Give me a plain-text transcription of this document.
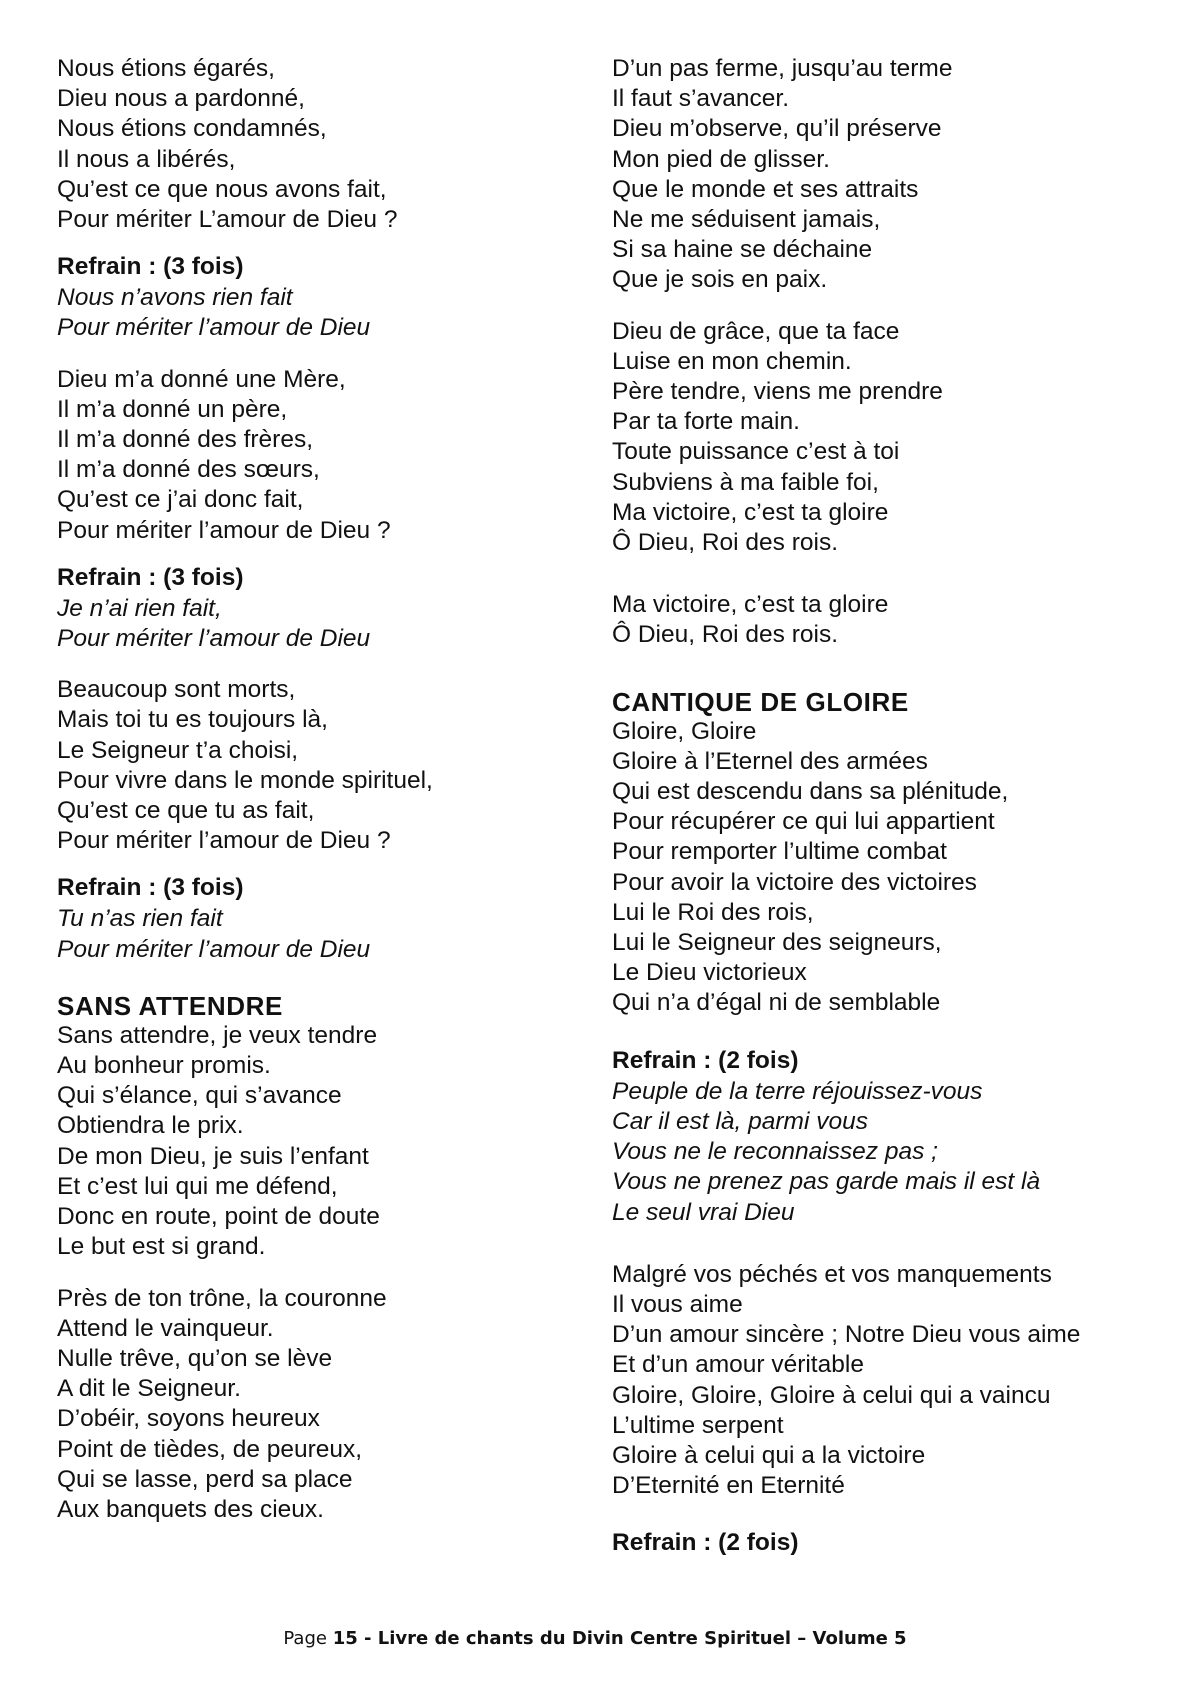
Nous étions égarés,
Dieu nous a pardonné,
Nous étions condamnés,
Il nous a libérés,
Qu’est ce que nous avons fait,
Pour mériter L’amour de Dieu ?
Refrain : (3 fois)
Nous n’avons rien fait
Pour mériter l’amour de Dieu
Dieu m’a donné une Mère,
Il m’a donné un père,
Il m’a donné des frères,
Il m’a donné des sœurs,
Qu’est ce j’ai donc fait,
Pour mériter l’amour de Dieu ?
Refrain : (3 fois)
Je n’ai rien fait,
Pour mériter l’amour de Dieu
Beaucoup sont morts,
Mais toi tu es toujours là,
Le Seigneur t’a choisi,
Pour vivre dans le monde spirituel,
Qu’est ce que tu as fait,
Pour mériter l’amour de Dieu ?
Refrain : (3 fois)
Tu n’as rien fait
Pour mériter l’amour de Dieu
SANS ATTENDRE
Sans attendre, je veux tendre
Au bonheur promis.
Qui s’élance, qui s’avance
Obtiendra le prix.
De mon Dieu, je suis l’enfant
Et c’est lui qui me défend,
Donc en route, point de doute
Le but est si grand.
Près de ton trône, la couronne
Attend le vainqueur.
Nulle trêve, qu’on se lève
A dit le Seigneur.
D’obéir, soyons heureux
Point de tièdes, de peureux,
Qui se lasse, perd sa place
Aux banquets des cieux.
D’un pas ferme, jusqu’au terme
Il faut s’avancer.
Dieu m’observe, qu’il préserve
Mon pied de glisser.
Que le monde et ses attraits
Ne me séduisent jamais,
Si sa haine se déchaine
Que je sois en paix.
Dieu de grâce, que ta face
Luise en mon chemin.
Père tendre, viens me prendre
Par ta forte main.
Toute puissance c’est à toi
Subviens à ma faible foi,
Ma victoire, c’est ta gloire
Ô Dieu, Roi des rois.
Ma victoire, c’est ta gloire
Ô Dieu, Roi des rois.
CANTIQUE DE GLOIRE
Gloire, Gloire
Gloire à l’Eternel des armées
Qui est descendu dans sa plénitude,
Pour récupérer ce qui lui appartient
Pour remporter l’ultime combat
Pour avoir la victoire des victoires
Lui le Roi des rois,
Lui le Seigneur des seigneurs,
Le Dieu victorieux
Qui n’a d’égal ni de semblable
Refrain : (2 fois)
Peuple de la terre réjouissez-vous
Car il est là, parmi vous
Vous ne le reconnaissez pas ;
Vous ne prenez pas garde mais il est là
Le seul vrai Dieu
Malgré vos péchés et vos manquements
Il vous aime
D’un amour sincère ; Notre Dieu vous aime
Et d’un amour véritable
Gloire, Gloire, Gloire à celui qui a vaincu
L’ultime serpent
Gloire à celui qui a la victoire
D’Eternité en Eternité
Refrain : (2 fois)
Page 15 - Livre de chants du Divin Centre Spirituel – Volume 5
